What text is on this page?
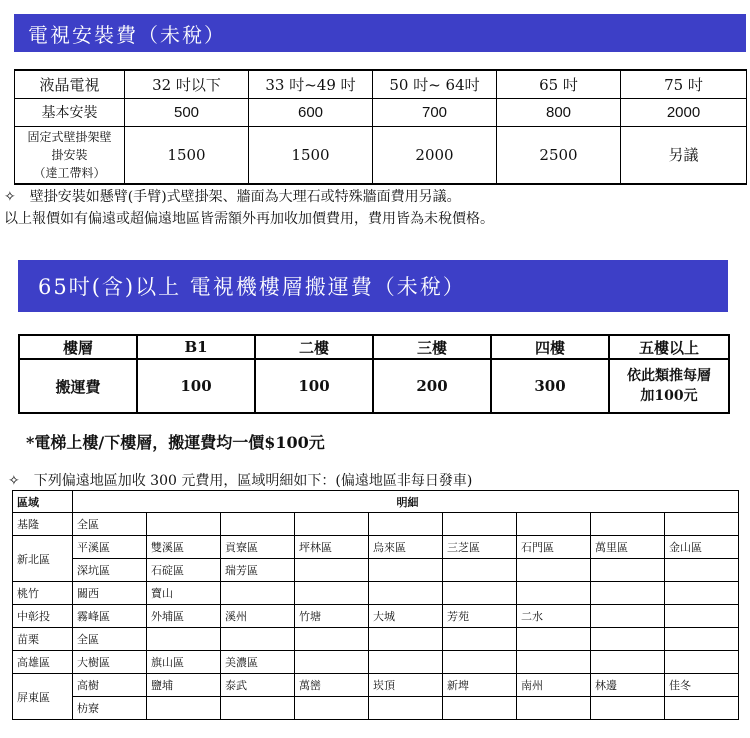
電視安裝費（未稅）
液晶電視	32 吋以下	33 吋~49 吋	50 吋~ 64吋	65 吋	75 吋
基本安裝	500	600	700	800	2000

固定式壁掛架壁
掛安裝
（達工帶料）	1500	1500	2000	2500	另議
✧　壁掛安裝如懸臂(手臂)式壁掛架、牆面為大理石或特殊牆面費用另議。
以上報價如有偏遠或超偏遠地區皆需額外再加收加價費用，費用皆為未稅價格。
65吋(含)以上 電視機樓層搬運費（未稅）
樓層	B1	二樓	三樓	四樓	五樓以上
搬運費	100	100	200	300	依此類推每層
加100元
*電梯上樓/下樓層，搬運費均一價$100元
✧　下列偏遠地區加收 300 元費用，區域明細如下：(偏遠地區非每日發車)
區域	明細								
基隆	全區								
新北區	平溪區	雙溪區	貢寮區	坪林區	烏來區	三芝區	石門區	萬里區	金山區
	深坑區	石碇區	瑞芳區						
桃竹	關西	寶山							
中彰投	霧峰區	外埔區	溪州	竹塘	大城	芳苑	二水		
苗栗	全區								
高雄區	大樹區	旗山區	美濃區						
屏東區	高樹	鹽埔	泰武	萬巒	崁頂	新埤	南州	林邊	佳冬
	枋寮								
